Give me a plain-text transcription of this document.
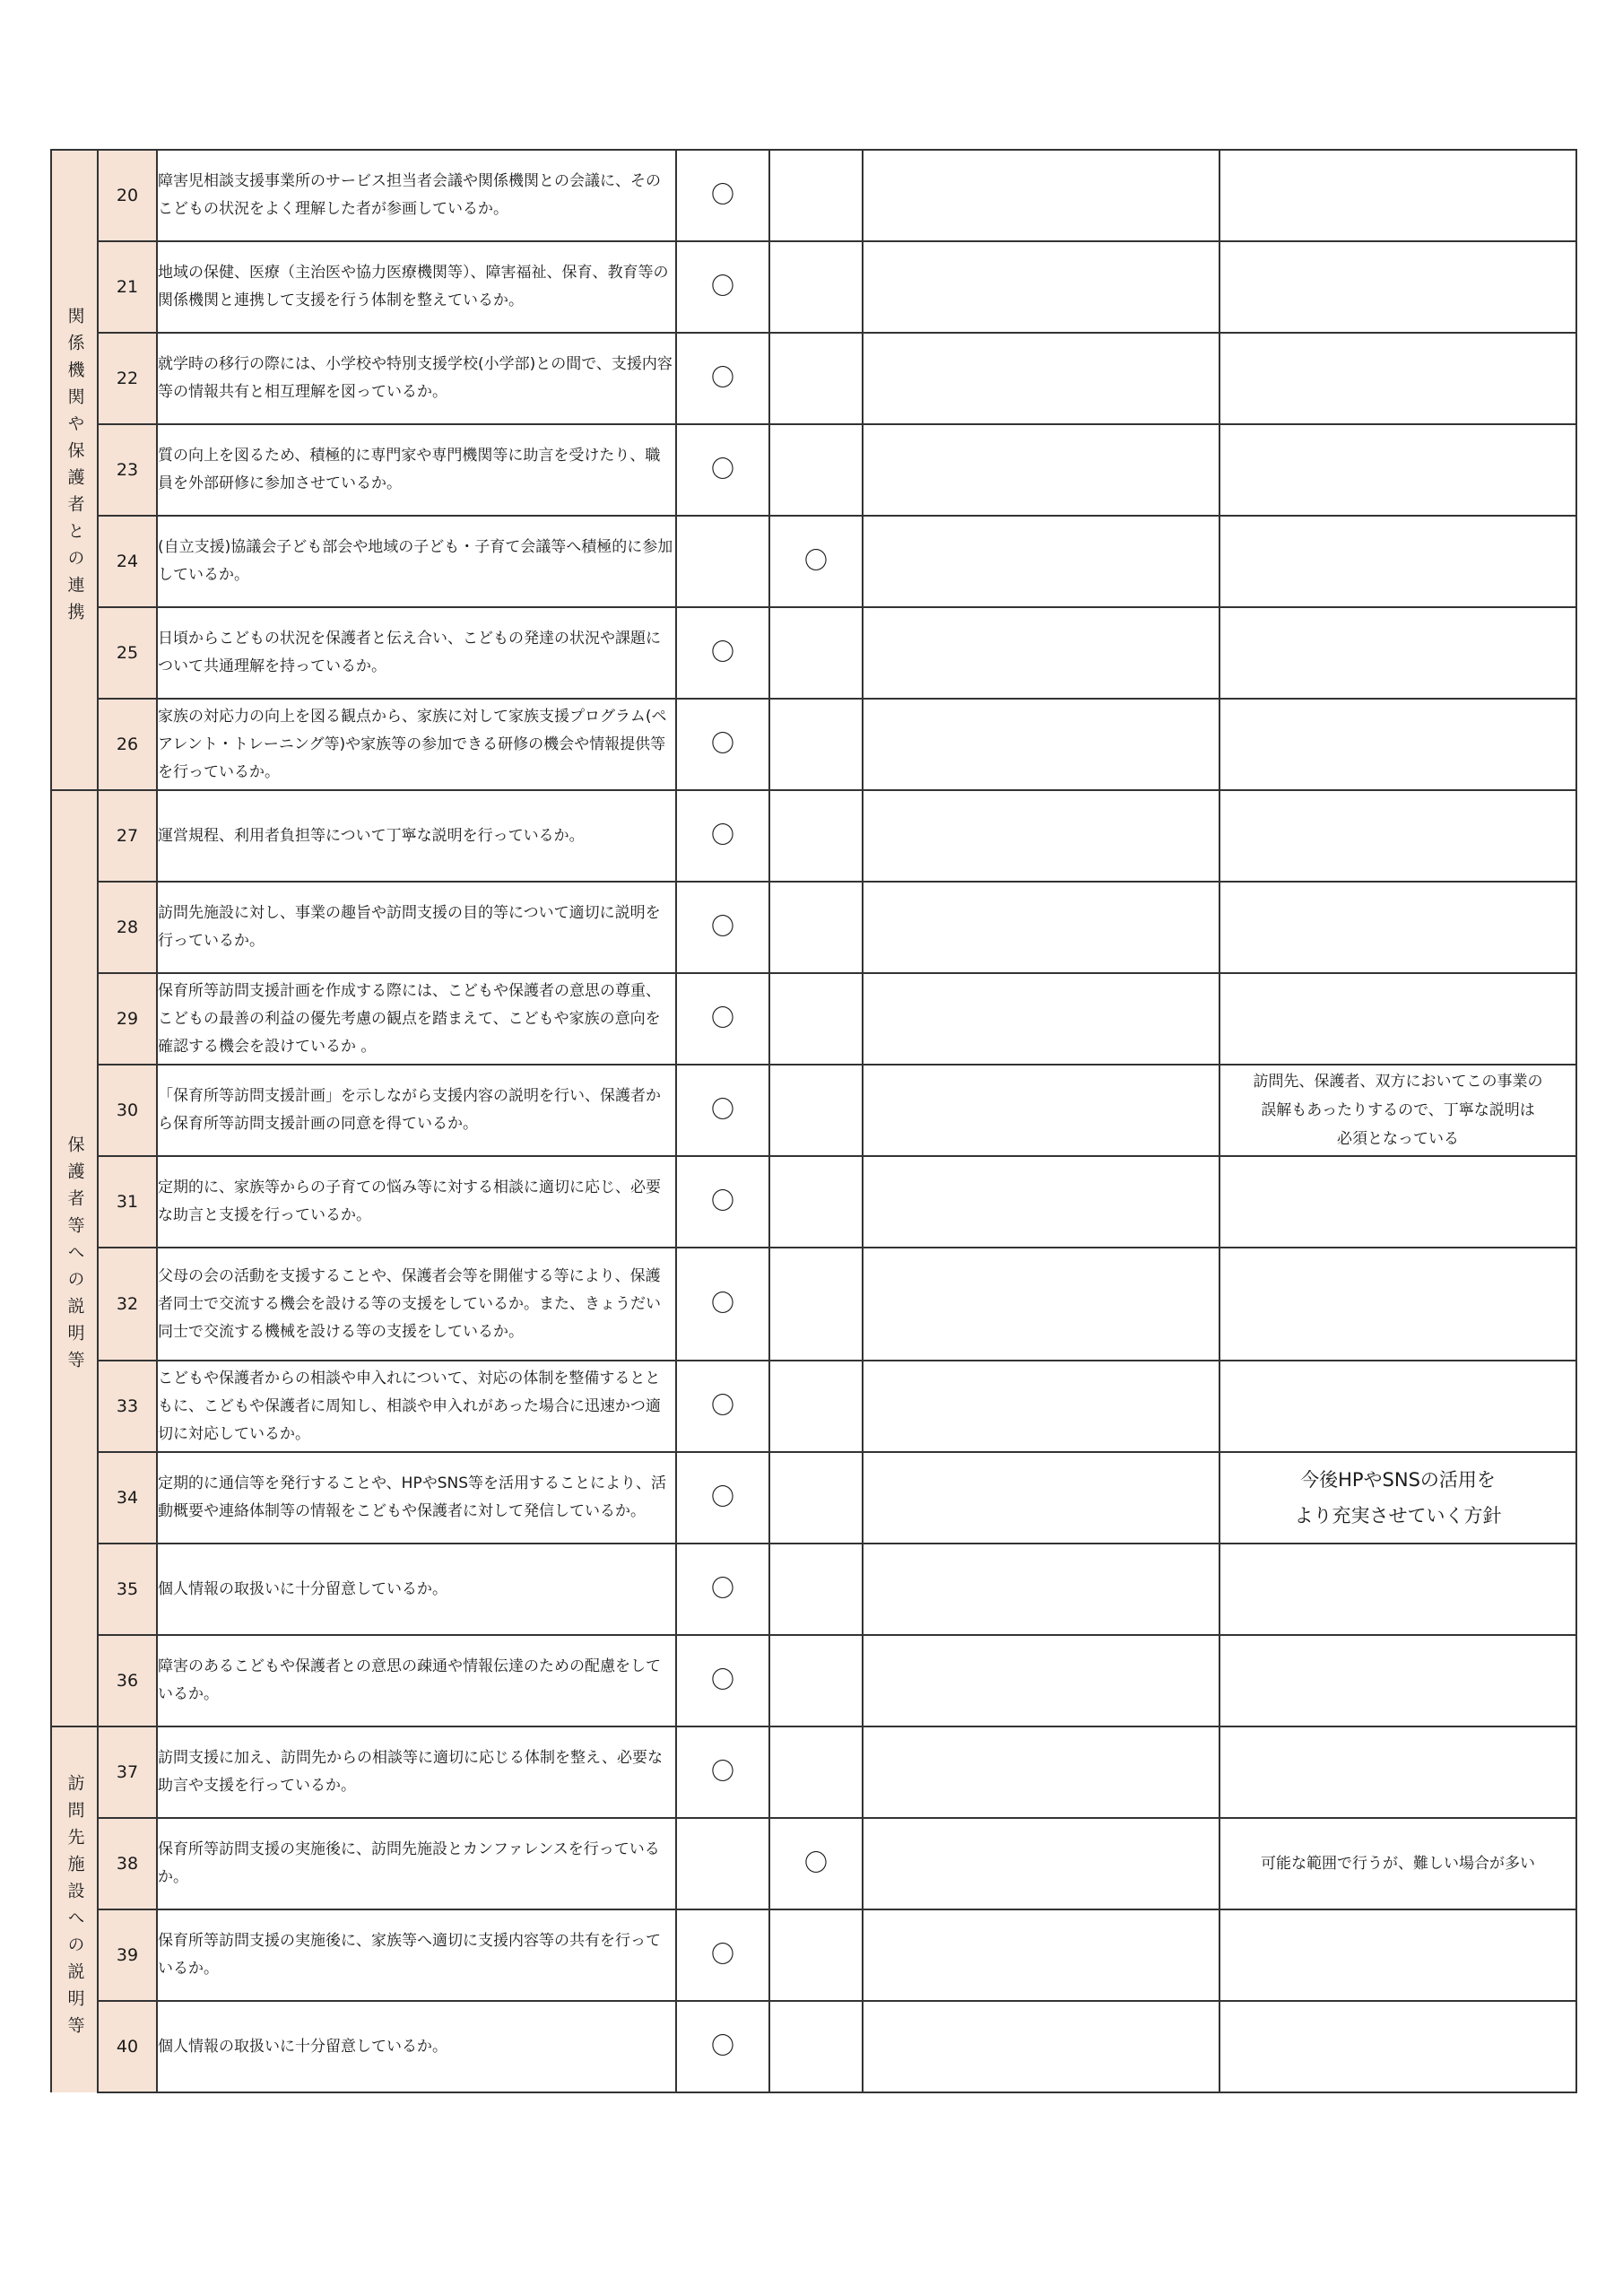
関係機関や保護者との連携	20	障害児相談支援事業所のサービス担当者会議や関係機関との会議に、そのこどもの状況をよく理解した者が参画しているか。	〇			
	21	地域の保健、医療（主治医や協力医療機関等）、障害福祉、保育、教育等の関係機関と連携して支援を行う体制を整えているか。	〇			
	22	就学時の移行の際には、小学校や特別支援学校(小学部)との間で、支援内容等の情報共有と相互理解を図っているか。	〇			
	23	質の向上を図るため、積極的に専門家や専門機関等に助言を受けたり、職員を外部研修に参加させているか。	〇			
	24	(自立支援)協議会子ども部会や地域の子ども・子育て会議等へ積極的に参加しているか。		〇		
	25	日頃からこどもの状況を保護者と伝え合い、こどもの発達の状況や課題について共通理解を持っているか。	〇			
	26	家族の対応力の向上を図る観点から、家族に対して家族支援プログラム(ペアレント・トレーニング等)や家族等の参加できる研修の機会や情報提供等を行っているか。	〇			
保護者等への説明等	27	運営規程、利用者負担等について丁寧な説明を行っているか。	〇			
	28	訪問先施設に対し、事業の趣旨や訪問支援の目的等について適切に説明を行っているか。	〇			
	29	保育所等訪問支援計画を作成する際には、こどもや保護者の意思の尊重、こどもの最善の利益の優先考慮の観点を踏まえて、こどもや家族の意向を確認する機会を設けているか 。	〇			
	30	「保育所等訪問支援計画」を示しながら支援内容の説明を行い、保護者から保育所等訪問支援計画の同意を得ているか。	〇			訪問先、保護者、双方においてこの事業の
誤解もあったりするので、丁寧な説明は
必須となっている

	31	定期的に、家族等からの子育ての悩み等に対する相談に適切に応じ、必要な助言と支援を行っているか。	〇			
	32	父母の会の活動を支援することや、保護者会等を開催する等により、保護者同士で交流する機会を設ける等の支援をしているか。また、きょうだい同士で交流する機械を設ける等の支援をしているか。	〇			
	33	こどもや保護者からの相談や申入れについて、対応の体制を整備するとともに、こどもや保護者に周知し、相談や申入れがあった場合に迅速かつ適切に対応しているか。	〇			
	34	定期的に通信等を発行することや、HPやSNS等を活用することにより、活動概要や連絡体制等の情報をこどもや保護者に対して発信しているか。	〇			今後HPやSNSの活用を
より充実させていく方針

	35	個人情報の取扱いに十分留意しているか。	〇			
	36	障害のあるこどもや保護者との意思の疎通や情報伝達のための配慮をしているか。	〇			
訪問先施設への説明等	37	訪問支援に加え、訪問先からの相談等に適切に応じる体制を整え、必要な助言や支援を行っているか。	〇			
	38	保育所等訪問支援の実施後に、訪問先施設とカンファレンスを行っているか。		〇		可能な範囲で行うが、難しい場合が多い

	39	保育所等訪問支援の実施後に、家族等へ適切に支援内容等の共有を行っているか。	〇			
	40	個人情報の取扱いに十分留意しているか。	〇			
